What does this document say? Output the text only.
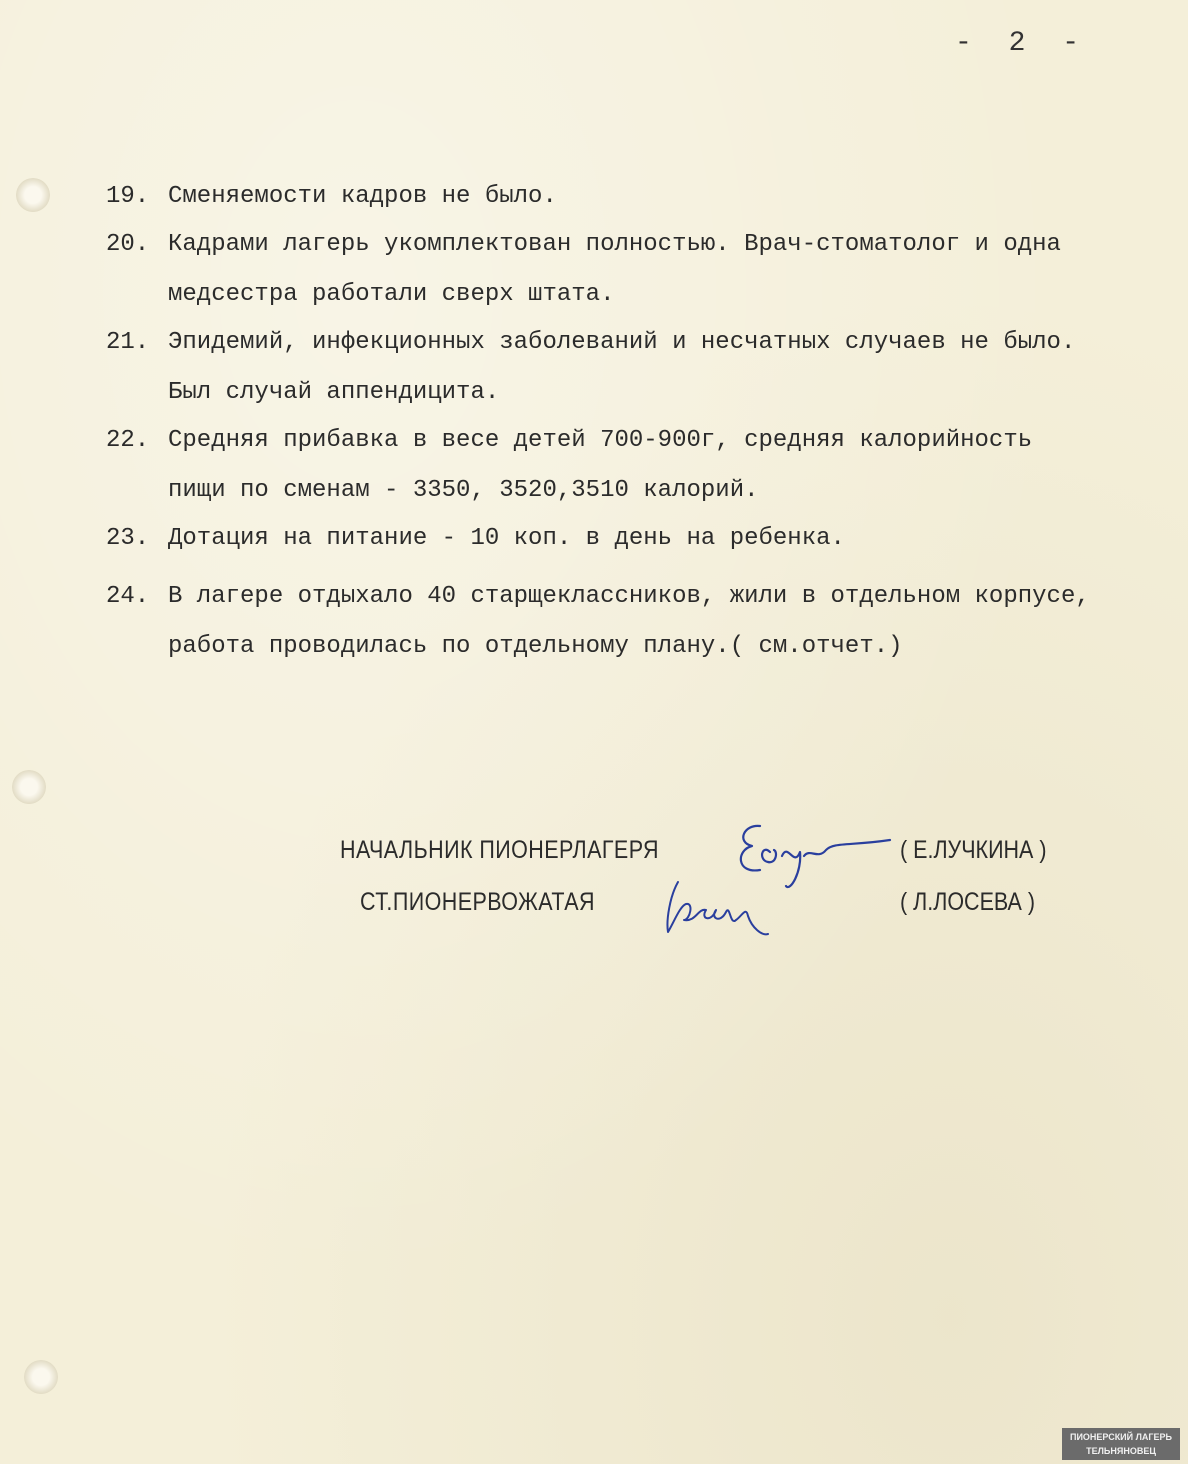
- 2 -
19. Сменяемости кадров не было.
20. Кадрами лагерь укомплектован полностью. Врач-стоматолог и одна
медсестра работали сверх штата.
21. Эпидемий, инфекционных заболеваний и несчатных случаев не было.
Был случай аппендицита.
22. Средняя прибавка в весе детей 700-900г, средняя калорийность
пищи по сменам - 3350, 3520,3510 калорий.
23. Дотация на питание - 10 коп. в день на ребенка.
24. В лагере отдыхало 40 старщеклассников, жили в отдельном корпусе,
работа проводилась по отдельному плану.( см.отчет.)
НАЧАЛЬНИК ПИОНЕРЛАГЕРЯ	( Е.ЛУЧКИНА )
СТ.ПИОНЕРВОЖАТАЯ	( Л.ЛОСЕВА )
ПИОНЕРСКИЙ ЛАГЕРЬ
ТЕЛЬНЯНОВЕЦ
